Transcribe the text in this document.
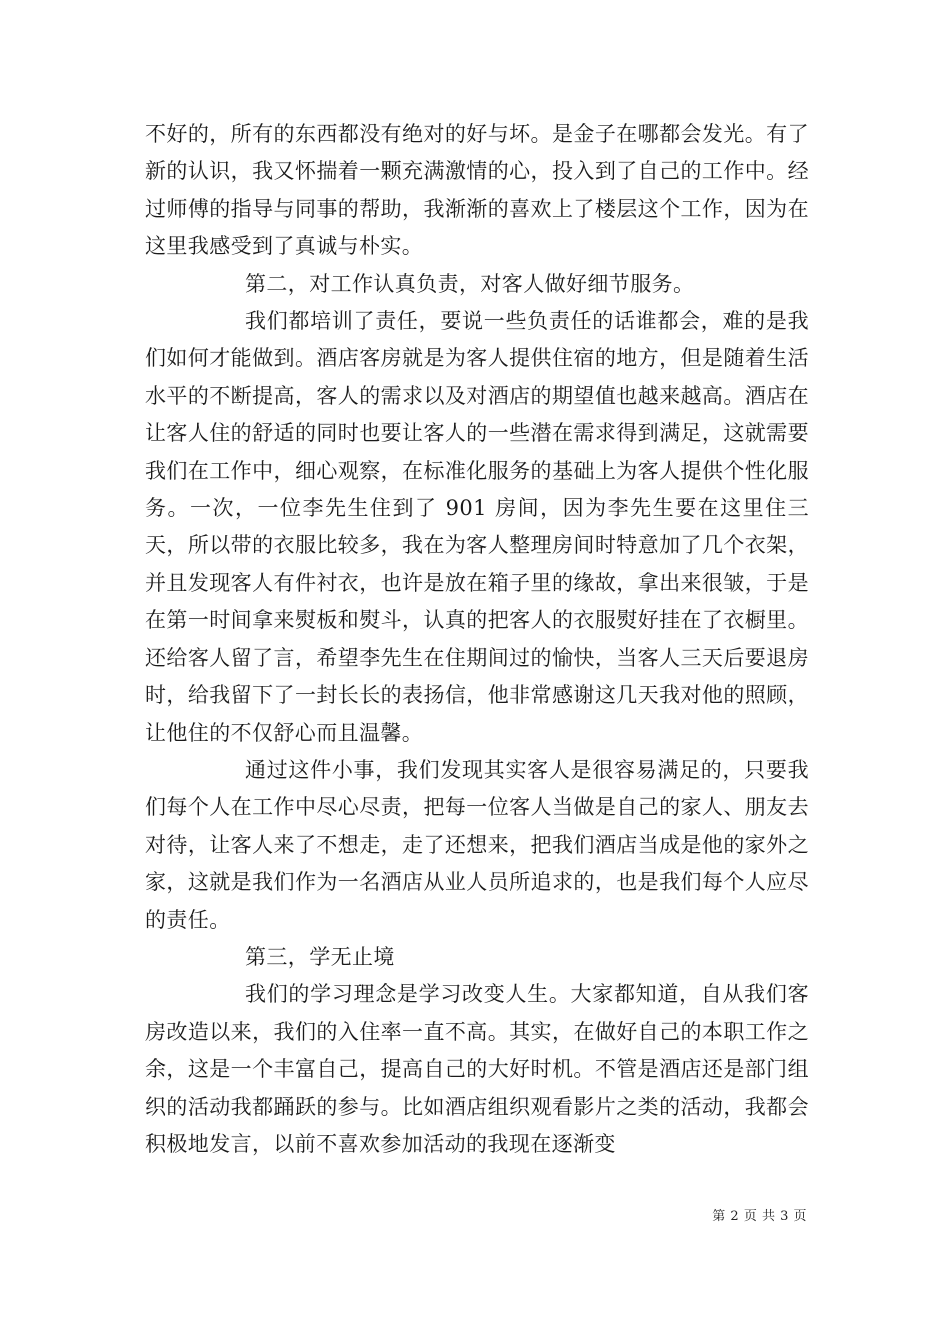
不好的，所有的东西都没有绝对的好与坏。是金子在哪都会发光。有了新的认识，我又怀揣着一颗充满激情的心，投入到了自己的工作中。经过师傅的指导与同事的帮助，我渐渐的喜欢上了楼层这个工作，因为在这里我感受到了真诚与朴实。

第二，对工作认真负责，对客人做好细节服务。

我们都培训了责任，要说一些负责任的话谁都会，难的是我们如何才能做到。酒店客房就是为客人提供住宿的地方，但是随着生活水平的不断提高，客人的需求以及对酒店的期望值也越来越高。酒店在让客人住的舒适的同时也要让客人的一些潜在需求得到满足，这就需要我们在工作中，细心观察，在标准化服务的基础上为客人提供个性化服务。一次，一位李先生住到了 901 房间，因为李先生要在这里住三天，所以带的衣服比较多，我在为客人整理房间时特意加了几个衣架，并且发现客人有件衬衣，也许是放在箱子里的缘故，拿出来很皱，于是在第一时间拿来熨板和熨斗，认真的把客人的衣服熨好挂在了衣橱里。还给客人留了言，希望李先生在住期间过的愉快，当客人三天后要退房时，给我留下了一封长长的表扬信，他非常感谢这几天我对他的照顾，让他住的不仅舒心而且温馨。

通过这件小事，我们发现其实客人是很容易满足的，只要我们每个人在工作中尽心尽责，把每一位客人当做是自己的家人、朋友去对待，让客人来了不想走，走了还想来，把我们酒店当成是他的家外之家，这就是我们作为一名酒店从业人员所追求的，也是我们每个人应尽的责任。

第三，学无止境

我们的学习理念是学习改变人生。大家都知道，自从我们客房改造以来，我们的入住率一直不高。其实，在做好自己的本职工作之余，这是一个丰富自己，提高自己的大好时机。不管是酒店还是部门组织的活动我都踊跃的参与。比如酒店组织观看影片之类的活动，我都会积极地发言，以前不喜欢参加活动的我现在逐渐变

第 2 页 共 3 页
